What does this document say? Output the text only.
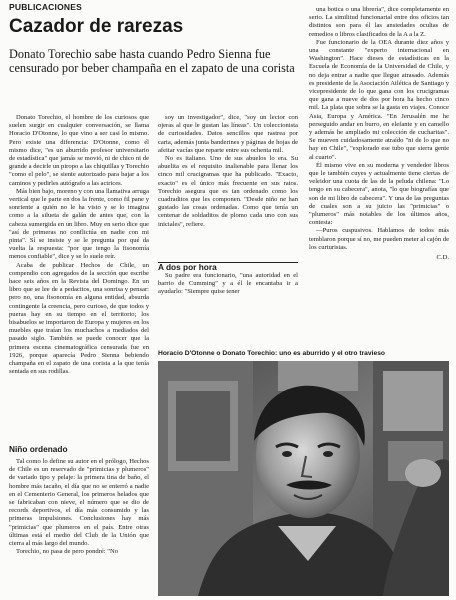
PUBLICACIONES
Cazador de rarezas
Donato Torechio sabe hasta cuando Pedro Sienna fue censurado por beber champaña en el zapato de una corista

Donato Torechio, el hombre de los curiosos que suelen surgir en cualquier conversación, se llama Horacio D'Otonne, lo que vino a ser casi lo mismo. Pero existe una diferencia: D'Otonne, como él mismo dice, "es un aburrido profesor universitario de estadística" que jamás se movió, ni de chico ni de grande a decirle un piropo a las chiquillas y Torechio "como el pelo", se siente autorizado para bajar a los caminos y pedirles autógrafo a las actrices.

Más bien bajo, moreno y con una llamativa arruga vertical que le parte en dos la frente, como fil pane y sonriente a quién no le ha visto y se lo imagina como a la silueta de galán de antes que, con la cabeza sumergida en un libro. Muy en serio dice que "así de primeras no conflictúa en nadie con mi pinta". Sí se insiste y se le pregunta por qué da vuelta la respuesta: "por que tengo la fisonomía menos confiable", dice y se lo suele reír.

Acaba de publicar Hechos de Chile, un compendio con agregados de la sección que escribe hace seis años en la Revista del Domingo. En un libro que se lee de a pedacitos, una sonrisa y pensar: pero no, una fisonomía en alguna entidad, absurda contingente la creencia, pero curioso, de que todos y pueras hay en su tiempo en el territorio; los bisabuelos se importaron de Europa y mujeres en los muebles que traían los muchachos a mediados del pasado siglo. También se puede conocer que la primera escena cinematográfica censurada fue en 1926, porque aparecía Pedro Sienna bebiendo champaña en el zapato de una corista a la que tenía sentada en sus rodillas.

Niño ordenado

Tal como lo define su autor en el prólogo, Hechos de Chile es un reservado de "primicias y plumeros" de variado tipo y pelaje: la primera tina de baño, el hombre más tacaño, el día que no se enterró a nadie en el Cementerio General, los primeros helados que se fabricaban con nieve, el número que se dio de records deportivos, el día más consumido y las primeras impulsiones. Conclusiones hay más "primicias" que plumeros en el país. Entre otras últimas está el medio del Club de la Unión que cierra al más largo del mundo.

Torechio, no pasa de pero pondré: "No

soy un investigador", dice, "soy un lector con ojeras al que le gustan las líneas". Un coleccionista de curiosidades. Datos sencillos que rastrea por carta, además junta banderines y páginas de hojas de afeitar vacías que reparte entre sus ochenta mil.

No es italiano. Uno de sus abuelos lo era. Su abuelita es el requisito inalienable para llenar los cinco mil crucigramas que ha publicado. "Exacto, exacto" es el único más frecuente en sus ratos. Torechio asegura que es tan ordenado como los cuadraditos que les componen. "Desde niño ne han gustado las cosas ordenadas. Como que tenía un centenar de soldaditos de plomo cada uno con sus iniciales", refiere.

A dos por hora

Su padre era funcionario, "una autoridad en el barrio de Cumming" y a él le encantaba ir a ayudarlo: "Siempre quise tener

una botica o una librería", dice completamente en serio. La similitud funcionarial entre dos oficios tan distintos son para él las ansiedades ocultas de remedios o libros clasificados de la A a la Z.

Fue funcionario de la OEA durante diez años y una constante "experto internacional en Washington". Hace dieses de estadísticas en la Escuela de Economía de la Universidad de Chile, y no deja entrar a nadie que llegue atrasado. Además es presidente de la Asociación Atlética de Santiago y vicepresidente de lo que gana con los crucigramas que gana a nueve de dos por hora ha hecho cinco mil. La plata que sobra se la gasta en viajes. Conoce Asia, Europa y América. "En Jerusalén me he perseguido andar en burro, en elefante y en camello y además he ampliado mi colección de cucharitas". Se mueven cuidadosamente atraído "ni de lo que no hay en Chile", "explorado ese tubo que sierra gente al cuarto".

Él mismo vive en su moderna y vendedor libros que le también cuyes y actualmente tiene ciertas de veleidor una cuota de las de la peluda chilena: "Lo tengo en su cabecera", anota, "lo que biografías que son de mi libro de cabecera". Y una de las preguntas de cuales son a su juicio las "primicias" o "plumeros" más notables de los últimos años, contesta:

—Puros cuspusivos. Hablamos de todos más temblaron porque sí no, me pueden meter al cajón de los curturistas.

C.D.
Horacio D'Otonne o Donato Torechio: uno es aburrido y el otro travieso
